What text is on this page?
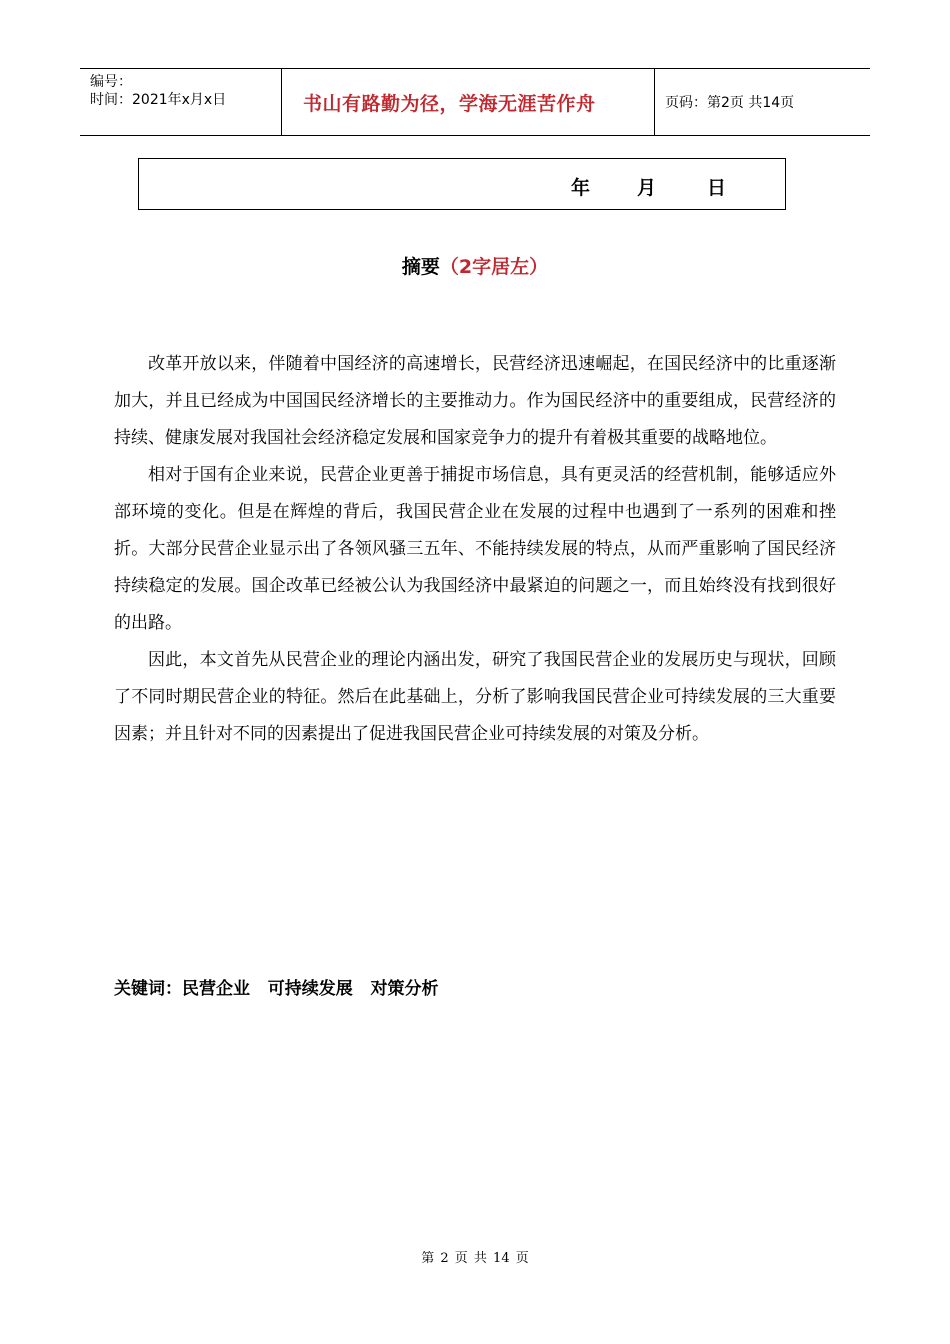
编号：
时间：2021年x月x日	书山有路勤为径，学海无涯苦作舟	页码：第2页 共14页
年 月	日
摘要（2字居左）

改革开放以来，伴随着中国经济的高速增长，民营经济迅速崛起，在国民经济中的比重逐渐加大，并且已经成为中国国民经济增长的主要推动力。作为国民经济中的重要组成，民营经济的持续、健康发展对我国社会经济稳定发展和国家竞争力的提升有着极其重要的战略地位。

相对于国有企业来说，民营企业更善于捕捉市场信息，具有更灵活的经营机制，能够适应外部环境的变化。但是在辉煌的背后，我国民营企业在发展的过程中也遇到了一系列的困难和挫折。大部分民营企业显示出了各领风骚三五年、不能持续发展的特点，从而严重影响了国民经济持续稳定的发展。国企改革已经被公认为我国经济中最紧迫的问题之一，而且始终没有找到很好的出路。

因此，本文首先从民营企业的理论内涵出发，研究了我国民营企业的发展历史与现状，回顾了不同时期民营企业的特征。然后在此基础上，分析了影响我国民营企业可持续发展的三大重要因素；并且针对不同的因素提出了促进我国民营企业可持续发展的对策及分析。

关键词：民营企业   可持续发展   对策分析
第 2 页 共 14 页
